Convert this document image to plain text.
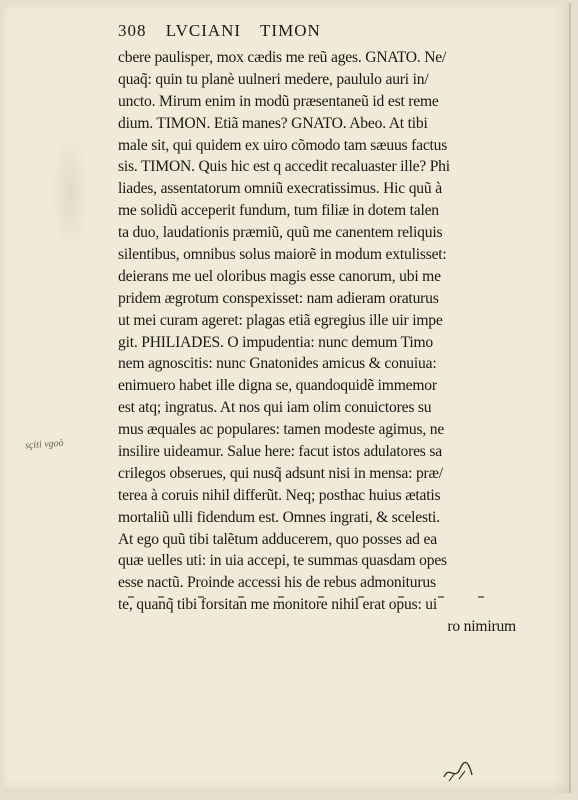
308 LVCIANI TIMON
cbere paulisper, mox cædis me reũ ages. GNATO. Ne/
quaq̃: quin tu planè uulneri medere, paululo auri in/
uncto. Mirum enim in modũ præsentaneũ id est reme
dium. TIMON. Etiã manes? GNATO. Abeo. At tibi
male sit, qui quidem ex uiro cõmodo tam sæuus factus
sis. TIMON. Quis hic est q accedit recaluaster ille? Phi
liades, assentatorum omniũ execratissimus. Hic quũ à
me solidũ acceperit fundum, tum filiæ in dotem talen
ta duo, laudationis præmiũ, quũ me canentem reliquis
silentibus, omnibus solus maiorẽ in modum extulisset:
deierans me uel oloribus magis esse canorum, ubi me
pridem ægrotum conspexisset: nam adieram oraturus
ut mei curam ageret: plagas etiã egregius ille uir impe
git. PHILIADES. O impudentia: nunc demum Timo
nem agnoscitis: nunc Gnatonides amicus & conuiua:
enimuero habet ille digna se, quandoquidẽ immemor
est atq; ingratus. At nos qui iam olim conuictores su
mus æquales ac populares: tamen modeste agimus, ne
insilire uideamur. Salue here: facut istos adulatores sa
crilegos obserues, qui nusq̃ adsunt nisi in mensa: præ/
terea à coruis nihil differũt. Neq; posthac huius ætatis
mortaliũ ulli fidendum est. Omnes ingrati, & scelesti.
At ego quũ tibi talẽtum adducerem, quo posses ad ea
quæ uelles uti: in uia accepi, te summas quasdam opes
esse nactũ. Proinde accessi his de rebus admoniturus
te, quanq̃ tibi forsitan me monitore nihil erat opus: ui
ro nimirum
sçiti vgoò
